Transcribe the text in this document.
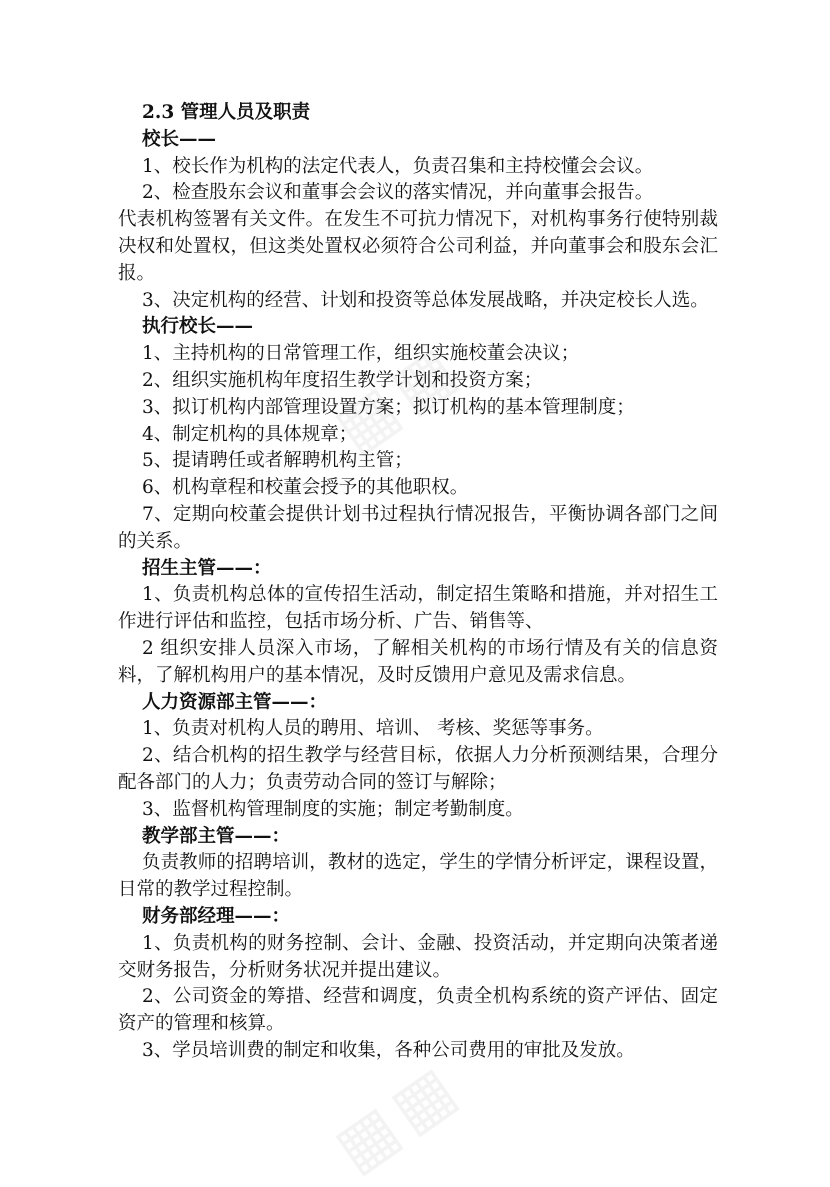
2.3 管理人员及职责
校长——
1、校长作为机构的法定代表人，负责召集和主持校懂会会议。
2、检查股东会议和董事会会议的落实情况，并向董事会报告。
代表机构签署有关文件。在发生不可抗力情况下，对机构事务行使特别裁决权和处置权，但这类处置权必须符合公司利益，并向董事会和股东会汇报。
3、决定机构的经营、计划和投资等总体发展战略，并决定校长人选。
执行校长——
1、主持机构的日常管理工作，组织实施校董会决议；
2、组织实施机构年度招生教学计划和投资方案；
3、拟订机构内部管理设置方案；拟订机构的基本管理制度；
4、制定机构的具体规章；
5、提请聘任或者解聘机构主管；
6、机构章程和校董会授予的其他职权。
7、定期向校董会提供计划书过程执行情况报告，平衡协调各部门之间的关系。
招生主管——：
1、负责机构总体的宣传招生活动，制定招生策略和措施，并对招生工作进行评估和监控，包括市场分析、广告、销售等、
2 组织安排人员深入市场，了解相关机构的市场行情及有关的信息资料，了解机构用户的基本情况，及时反馈用户意见及需求信息。
人力资源部主管——：
1、负责对机构人员的聘用、培训、 考核、奖惩等事务。
2、结合机构的招生教学与经营目标，依据人力分析预测结果，合理分配各部门的人力；负责劳动合同的签订与解除；
3、监督机构管理制度的实施；制定考勤制度。
教学部主管——：
负责教师的招聘培训，教材的选定，学生的学情分析评定，课程设置，日常的教学过程控制。
财务部经理——：
1、负责机构的财务控制、会计、金融、投资活动，并定期向决策者递交财务报告，分析财务状况并提出建议。
2、公司资金的筹措、经营和调度，负责全机构系统的资产评估、固定资产的管理和核算。
3、学员培训费的制定和收集，各种公司费用的审批及发放。
